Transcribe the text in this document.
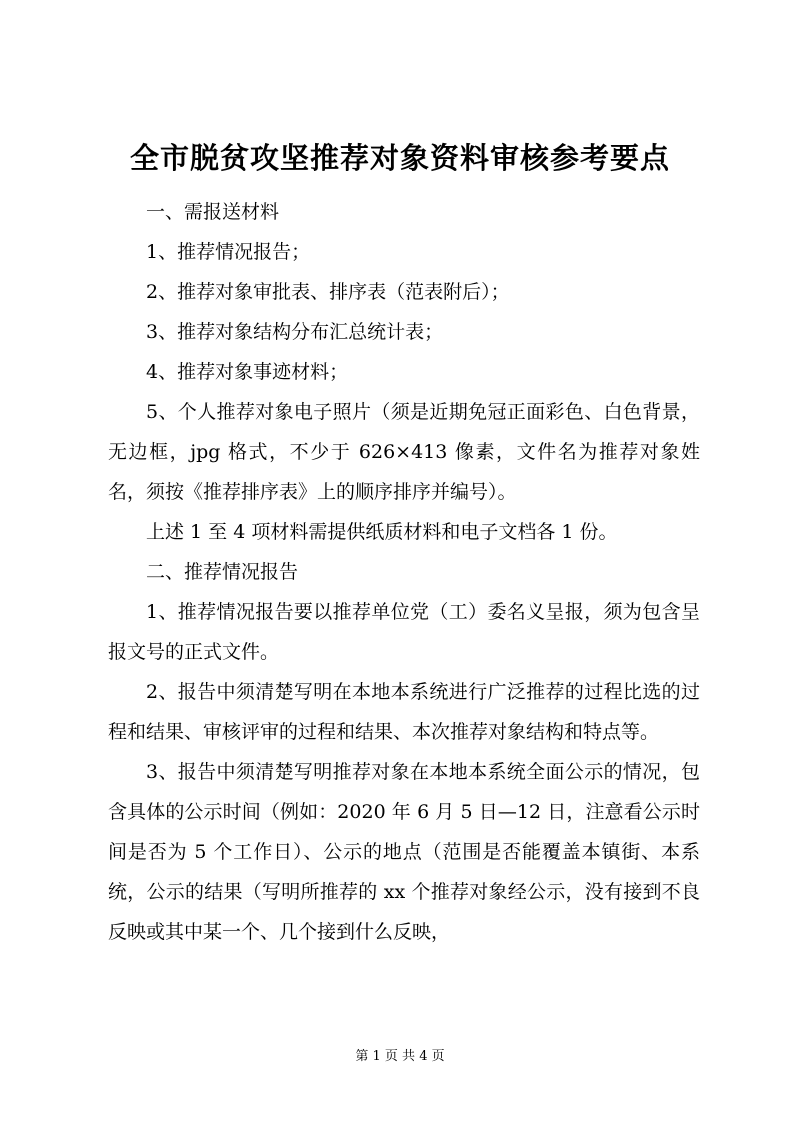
全市脱贫攻坚推荐对象资料审核参考要点

一、需报送材料

1、推荐情况报告；

2、推荐对象审批表、排序表（范表附后）；

3、推荐对象结构分布汇总统计表；

4、推荐对象事迹材料；

5、个人推荐对象电子照片（须是近期免冠正面彩色、白色背景，无边框，jpg 格式，不少于 626×413 像素，文件名为推荐对象姓名，须按《推荐排序表》上的顺序排序并编号）。

上述 1 至 4 项材料需提供纸质材料和电子文档各 1 份。

二、推荐情况报告

1、推荐情况报告要以推荐单位党（工）委名义呈报，须为包含呈报文号的正式文件。

2、报告中须清楚写明在本地本系统进行广泛推荐的过程比选的过程和结果、审核评审的过程和结果、本次推荐对象结构和特点等。

3、报告中须清楚写明推荐对象在本地本系统全面公示的情况，包含具体的公示时间（例如：2020 年 6 月 5 日—12 日，注意看公示时间是否为 5 个工作日）、公示的地点（范围是否能覆盖本镇街、本系统，公示的结果（写明所推荐的 xx 个推荐对象经公示，没有接到不良反映或其中某一个、几个接到什么反映，

第 1 页 共 4 页
